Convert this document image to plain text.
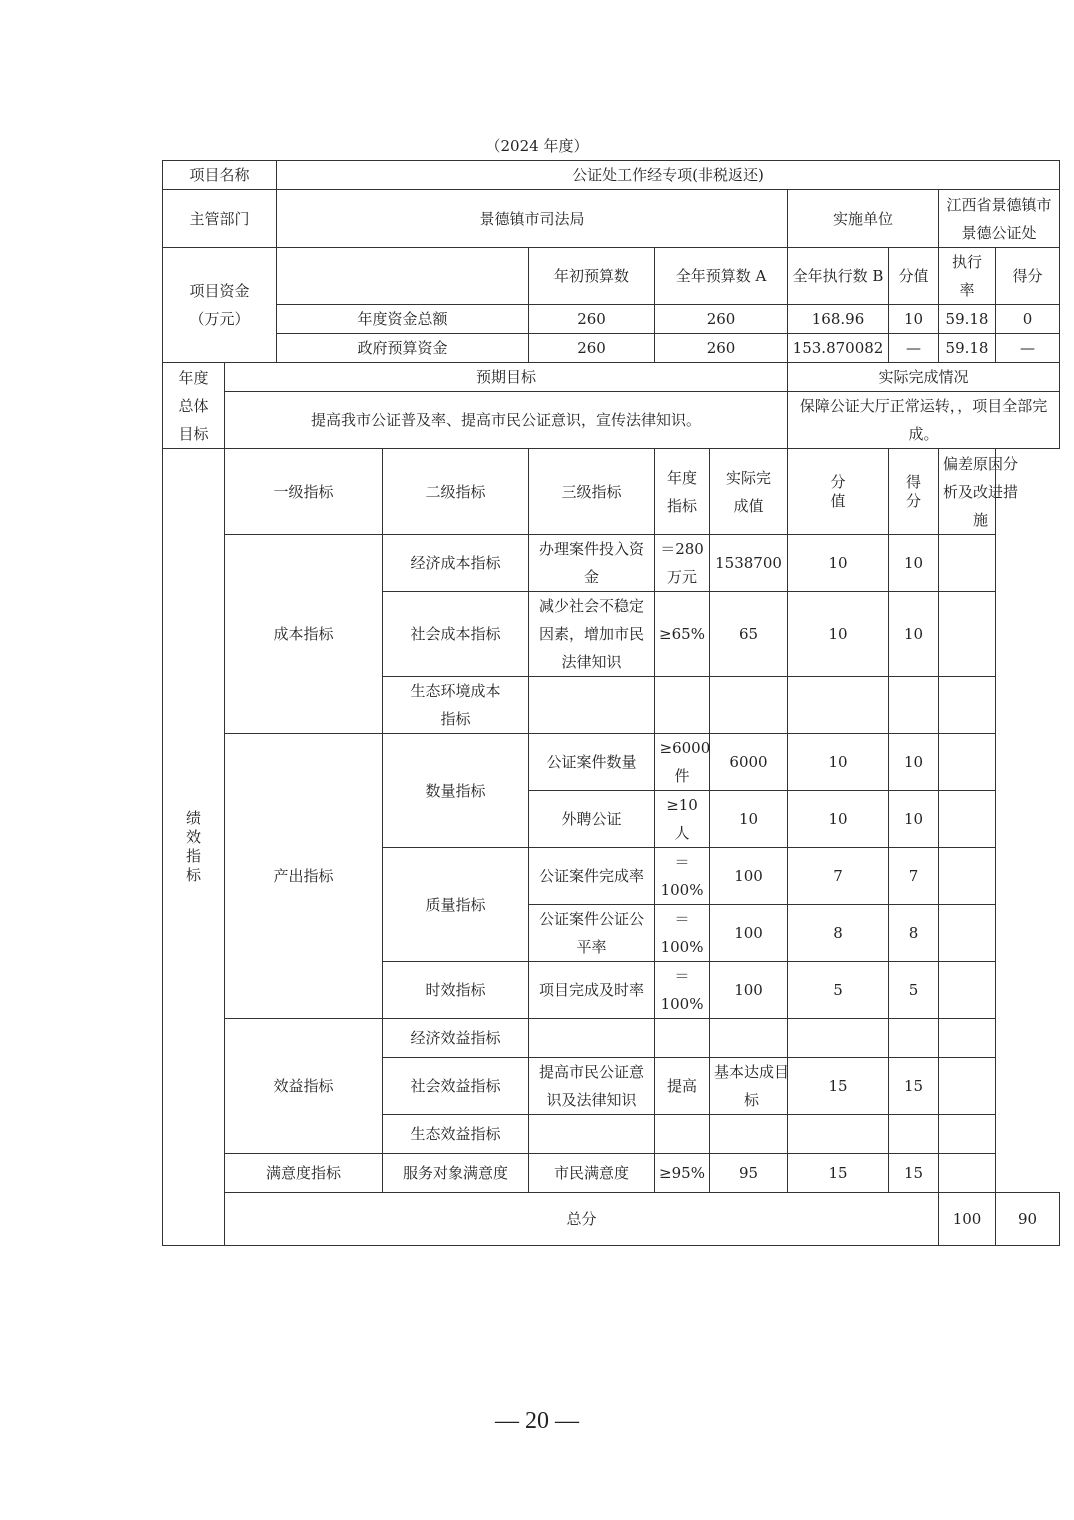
（2024 年度）
项目名称		公证处工作经专项(非税返还)									
主管部门		景德镇市司法局					实施单位		江西省景德镇市景德公证处		

项目资金（万元）				年初预算数	全年预算数 A		全年执行数 B	分值	执行率	得分	
		年度资金总额		260	260		168.96	10	59.18	0	
		政府预算资金		260	260		153.870082	—	59.18	—	

年度总体目标	预期目标						实际完成情况				
	提高我市公证普及率、提高市民公证意识，宣传法律知识。						保障公证大厅正常运转，，项目全部完成。				

绩效指标	一级指标		二级指标	三级指标	年度指标	实际完成值	分值	得分	偏差原因分析及改进措施		

	成本指标		经济成本指标	办理案件投入资金	＝280 万元	1538700	10	10			
			社会成本指标	减少社会不稳定因素，增加市民法律知识	≥65%	65	10	10			

			生态环境成本指标								

	产出指标		数量指标	公证案件数量	≥6000 件	6000	10	10			
				外聘公证	≥10 人	10	10	10			
			质量指标	公证案件完成率	＝100%	100	7	7			
				公证案件公证公平率	＝100%	100	8	8			
			时效指标	项目完成及时率	＝100%	100	5	5			
	效益指标		经济效益指标								
			社会效益指标	提高市民公证意识及法律知识	提高	基本达成目标	15	15			
			生态效益指标								
	满意度指标		服务对象满意度	市民满意度	≥95%	95	15	15			
	总分								100	90	
— 20 —
